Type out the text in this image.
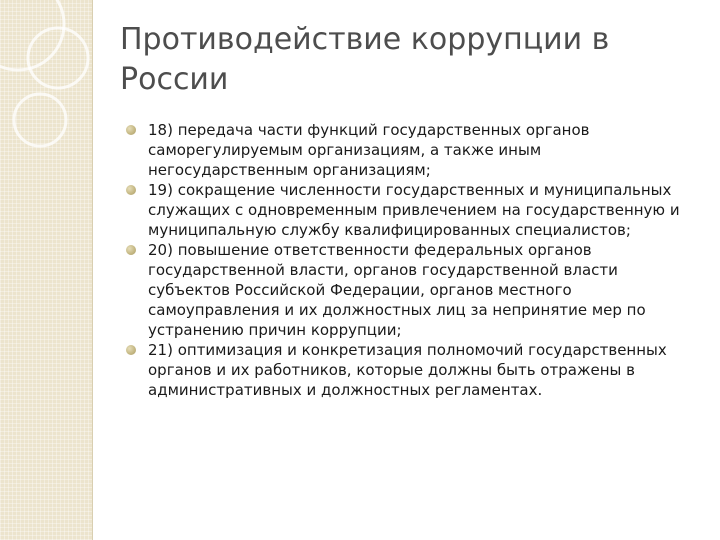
Противодействие коррупции в России
18) передача части функций государственных органов саморегулируемым организациям, а также иным негосударственным организациям;
19) сокращение численности государственных и муниципальных служащих с одновременным привлечением на государственную и муниципальную службу квалифицированных специалистов;
20) повышение ответственности федеральных органов государственной власти, органов государственной власти субъектов Российской Федерации, органов местного самоуправления и их должностных лиц за непринятие мер по устранению причин коррупции;
21) оптимизация и конкретизация полномочий государственных органов и их работников, которые должны быть отражены в административных и должностных регламентах.
